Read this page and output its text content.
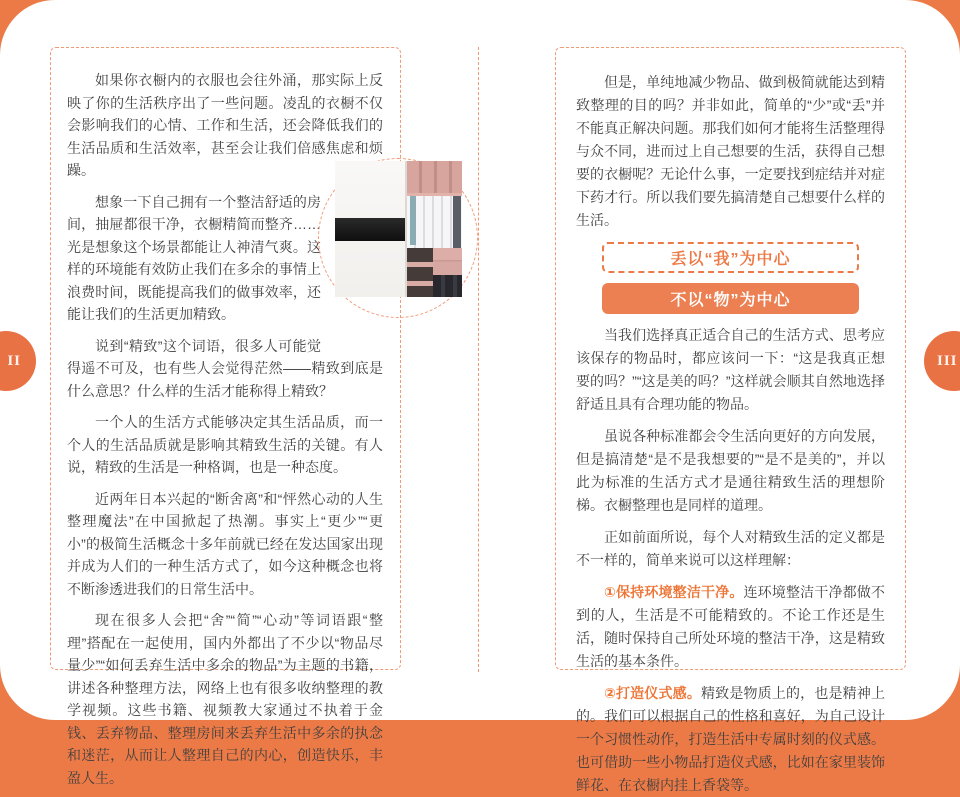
如果你衣橱内的衣服也会往外涌，那实际上反映了你的生活秩序出了一些问题。凌乱的衣橱不仅会影响我们的心情、工作和生活，还会降低我们的生活品质和生活效率，甚至会让我们倍感焦虑和烦躁。

想象一下自己拥有一个整洁舒适的房间，抽屉都很干净，衣橱精简而整齐……光是想象这个场景都能让人神清气爽。这样的环境能有效防止我们在多余的事情上浪费时间，既能提高我们的做事效率，还能让我们的生活更加精致。

说到“精致”这个词语，很多人可能觉得遥不可及，也有些人会觉得茫然——精致到底是什么意思？什么样的生活才能称得上精致？

一个人的生活方式能够决定其生活品质，而一个人的生活品质就是影响其精致生活的关键。有人说，精致的生活是一种格调，也是一种态度。

近两年日本兴起的“断舍离”和“怦然心动的人生整理魔法”在中国掀起了热潮。事实上“更少”“更小”的极简生活概念十多年前就已经在发达国家出现并成为人们的一种生活方式了，如今这种概念也将不断渗透进我们的日常生活中。

现在很多人会把“舍”“简”“心动”等词语跟“整理”搭配在一起使用，国内外都出了不少以“物品尽量少”“如何丢弃生活中多余的物品”为主题的书籍，讲述各种整理方法，网络上也有很多收纳整理的教学视频。这些书籍、视频教大家通过不执着于金钱、丢弃物品、整理房间来丢弃生活中多余的执念和迷茫，从而让人整理自己的内心，创造快乐，丰盈人生。

但是，单纯地减少物品、做到极简就能达到精致整理的目的吗？并非如此，简单的“少”或“丢”并不能真正解决问题。那我们如何才能将生活整理得与众不同，进而过上自己想要的生活，获得自己想要的衣橱呢？无论什么事，一定要找到症结并对症下药才行。所以我们要先搞清楚自己想要什么样的生活。

丢以“我”为中心
不以“物”为中心

当我们选择真正适合自己的生活方式、思考应该保存的物品时，都应该问一下：“这是我真正想要的吗？”“这是美的吗？”这样就会顺其自然地选择舒适且具有合理功能的物品。

虽说各种标准都会令生活向更好的方向发展，但是搞清楚“是不是我想要的”“是不是美的”，并以此为标准的生活方式才是通往精致生活的理想阶梯。衣橱整理也是同样的道理。

正如前面所说，每个人对精致生活的定义都是不一样的，简单来说可以这样理解：

①保持环境整洁干净。连环境整洁干净都做不到的人，生活是不可能精致的。不论工作还是生活，随时保持自己所处环境的整洁干净，这是精致生活的基本条件。

②打造仪式感。精致是物质上的，也是精神上的。我们可以根据自己的性格和喜好，为自己设计一个习惯性动作，打造生活中专属时刻的仪式感。也可借助一些小物品打造仪式感，比如在家里装饰鲜花、在衣橱内挂上香袋等。

II	III
